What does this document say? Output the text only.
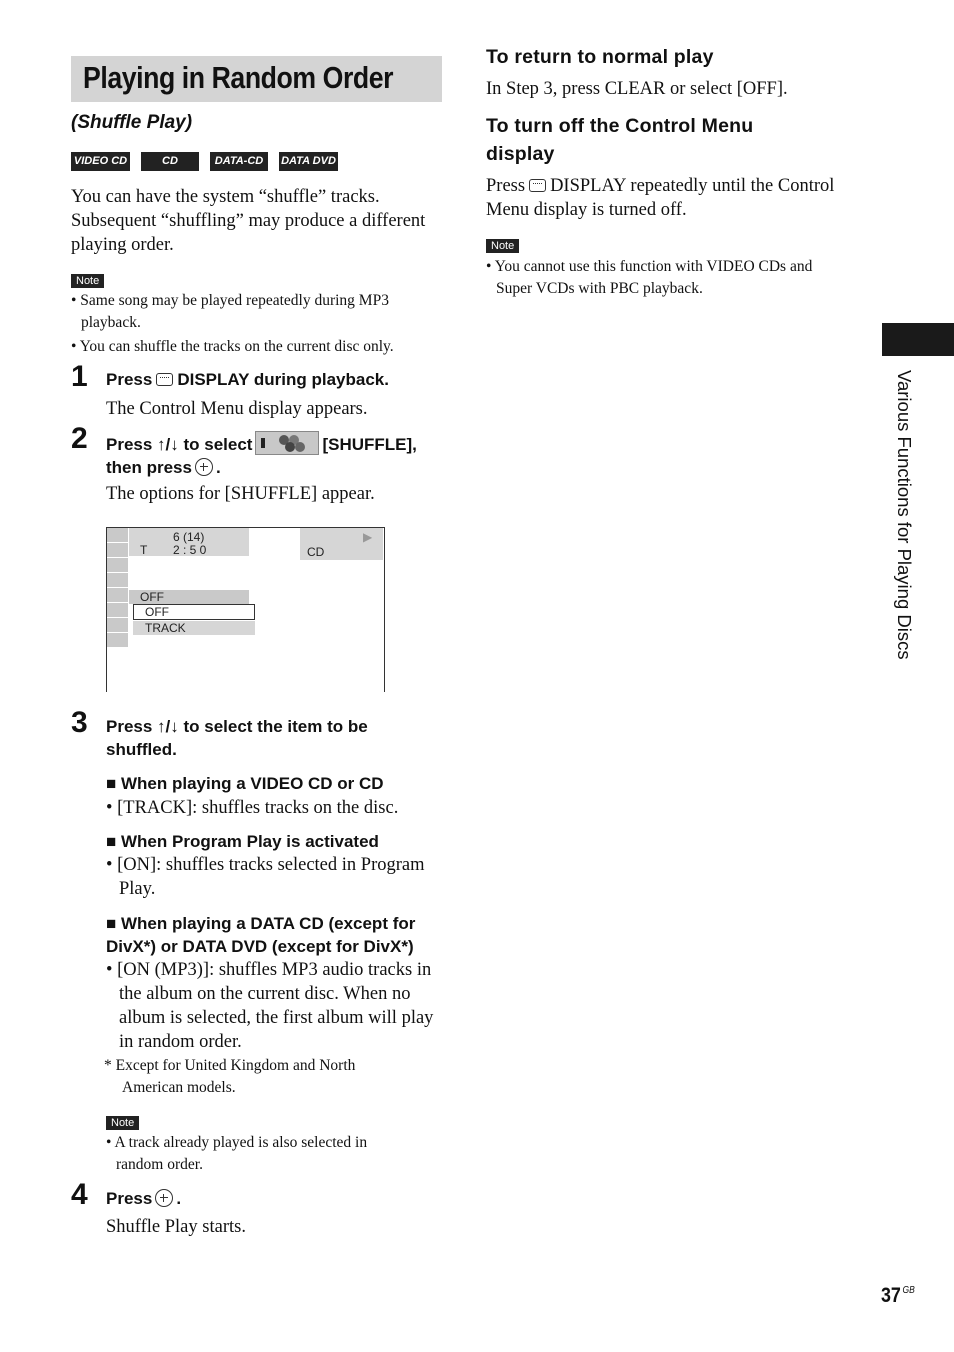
Playing in Random Order
(Shuffle Play)
VIDEO CD	CD	DATA-CD	DATA DVD
You can have the system “shuffle” tracks.
Subsequent “shuffling” may produce a different
playing order.
Note
• Same song may be played repeatedly during MP3
playback.
• You can shuffle the tracks on the current disc only.
1 Press DISPLAY during playback.
The Control Menu display appears.
2 Press ↑/↓ to select	[SHUFFLE],
then press .
The options for [SHUFFLE] appear.
6 (14)
T 2 : 5 0	CD
▶
OFF
OFF
TRACK
3 Press ↑/↓ to select the item to be
shuffled.
■ When playing a VIDEO CD or CD
• [TRACK]: shuffles tracks on the disc.
■ When Program Play is activated
• [ON]: shuffles tracks selected in Program
Play.
■ When playing a DATA CD (except for
DivX*) or DATA DVD (except for DivX*)
• [ON (MP3)]: shuffles MP3 audio tracks in
the album on the current disc. When no
album is selected, the first album will play
in random order.
* Except for United Kingdom and North
American models.
Note
• A track already played is also selected in
random order.
4 Press .
Shuffle Play starts.
To return to normal play
In Step 3, press CLEAR or select [OFF].
To turn off the Control Menu
display
Press DISPLAY repeatedly until the Control
Menu display is turned off.
Note
• You cannot use this function with VIDEO CDs and
Super VCDs with PBC playback.
Various Functions for Playing Discs
37 $^{GB}$
